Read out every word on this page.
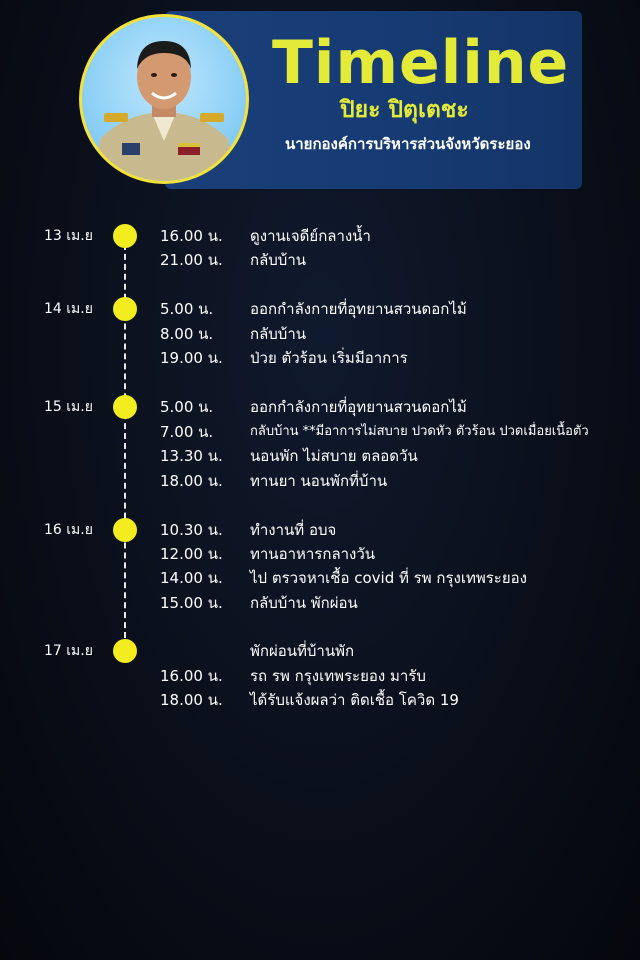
Timeline
ปิยะ ปิตุเตชะ
นายกองค์การบริหารส่วนจังหวัดระยอง
13 เม.ย	16.00 น. ดูงานเจดีย์กลางน้ำ
21.00 น. กลับบ้าน
14 เม.ย	5.00 น. ออกกำลังกายที่อุทยานสวนดอกไม้
8.00 น. กลับบ้าน
19.00 น. ป่วย ตัวร้อน เริ่มมีอาการ
15 เม.ย	5.00 น. ออกกำลังกายที่อุทยานสวนดอกไม้
7.00 น.	กลับบ้าน **มีอาการไม่สบาย ปวดหัว ตัวร้อน ปวดเมื่อยเนื้อตัว
13.30 น. นอนพัก ไม่สบาย ตลอดวัน
18.00 น. ทานยา นอนพักที่บ้าน
16 เม.ย	10.30 น. ทำงานที่ อบจ
12.00 น. ทานอาหารกลางวัน
14.00 น. ไป ตรวจหาเชื้อ covid ที่ รพ กรุงเทพระยอง
15.00 น. กลับบ้าน พักผ่อน
17 เม.ย	พักผ่อนที่บ้านพัก
16.00 น. รถ รพ กรุงเทพระยอง มารับ
18.00 น. ได้รับแจ้งผลว่า ติดเชื้อ โควิด 19
